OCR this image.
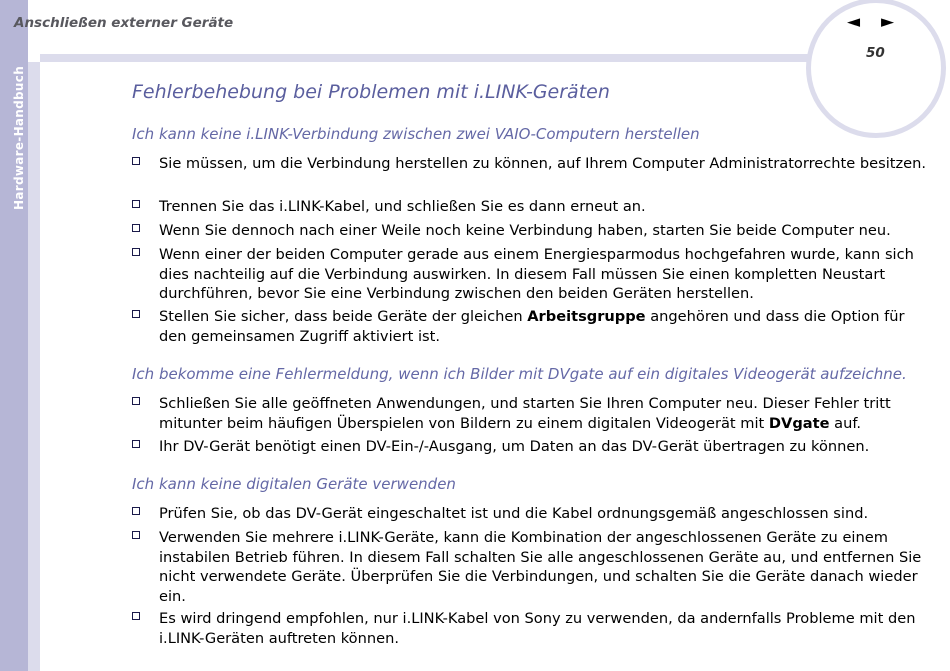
Hardware-Handbuch
Anschließen externer Geräte	◄ ►
50
Fehlerbehebung bei Problemen mit i.LINK-Geräten
Ich kann keine i.LINK-Verbindung zwischen zwei VAIO-Computern herstellen
Sie müssen, um die Verbindung herstellen zu können, auf Ihrem Computer Administratorrechte besitzen.
Trennen Sie das i.LINK-Kabel, und schließen Sie es dann erneut an.
Wenn Sie dennoch nach einer Weile noch keine Verbindung haben, starten Sie beide Computer neu.
Wenn einer der beiden Computer gerade aus einem Energiesparmodus hochgefahren wurde, kann sich dies nachteilig auf die Verbindung auswirken. In diesem Fall müssen Sie einen kompletten Neustart durchführen, bevor Sie eine Verbindung zwischen den beiden Geräten herstellen.
Stellen Sie sicher, dass beide Geräte der gleichen Arbeitsgruppe angehören und dass die Option für den gemeinsamen Zugriff aktiviert ist.
Ich bekomme eine Fehlermeldung, wenn ich Bilder mit DVgate auf ein digitales Videogerät aufzeichne.
Schließen Sie alle geöffneten Anwendungen, und starten Sie Ihren Computer neu. Dieser Fehler tritt mitunter beim häufigen Überspielen von Bildern zu einem digitalen Videogerät mit DVgate auf.
Ihr DV-Gerät benötigt einen DV-Ein-/-Ausgang, um Daten an das DV-Gerät übertragen zu können.
Ich kann keine digitalen Geräte verwenden
Prüfen Sie, ob das DV-Gerät eingeschaltet ist und die Kabel ordnungsgemäß angeschlossen sind.
Verwenden Sie mehrere i.LINK-Geräte, kann die Kombination der angeschlossenen Geräte zu einem instabilen Betrieb führen. In diesem Fall schalten Sie alle angeschlossenen Geräte au, und entfernen Sie nicht verwendete Geräte. Überprüfen Sie die Verbindungen, und schalten Sie die Geräte danach wieder ein.
Es wird dringend empfohlen, nur i.LINK-Kabel von Sony zu verwenden, da andernfalls Probleme mit den i.LINK-Geräten auftreten können.
